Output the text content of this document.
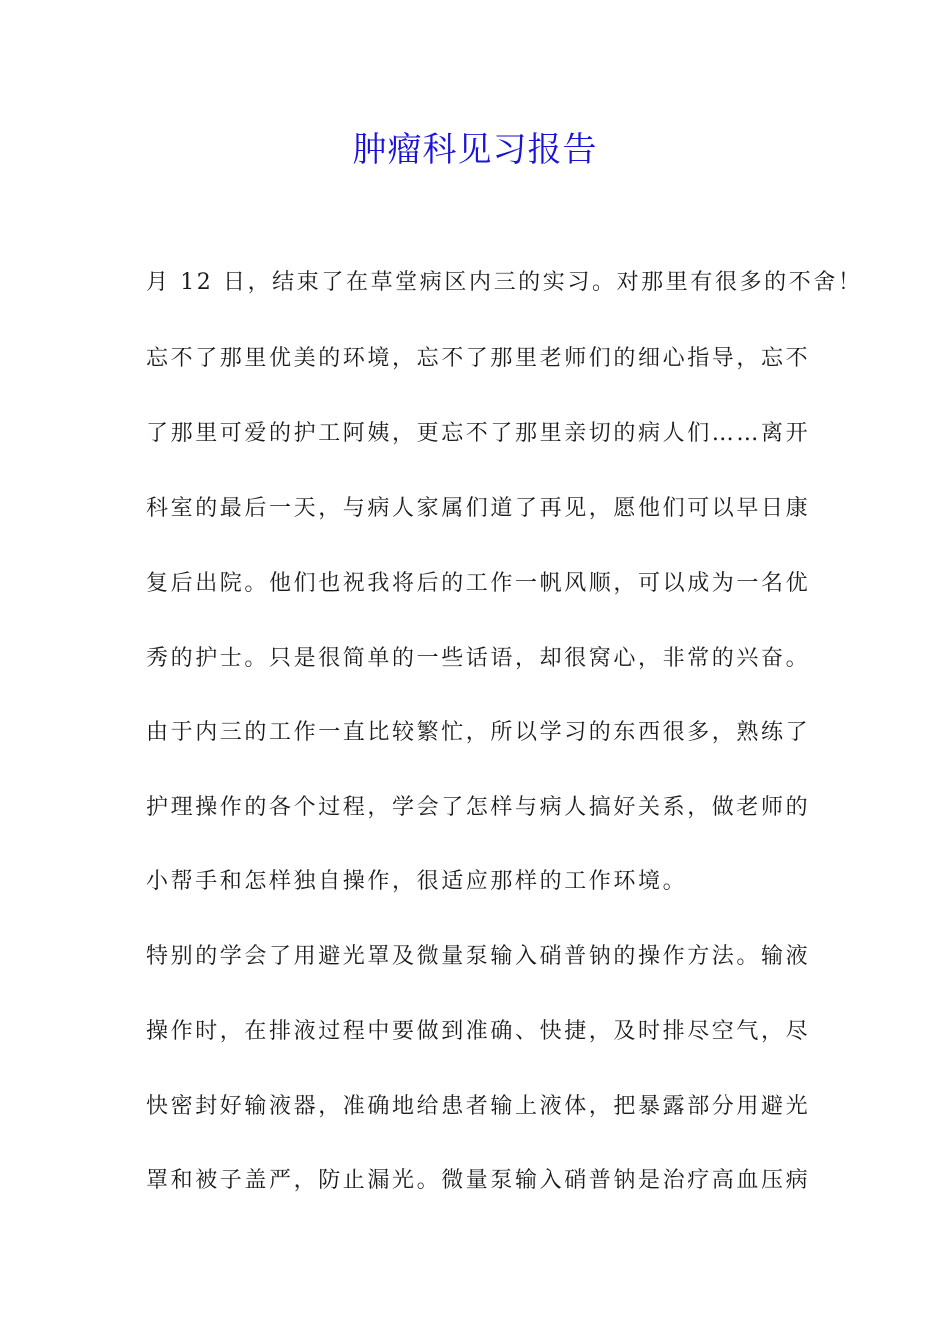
肿瘤科见习报告
月 12 日，结束了在草堂病区内三的实习。对那里有很多的不舍！
忘不了那里优美的环境，忘不了那里老师们的细心指导，忘不
了那里可爱的护工阿姨，更忘不了那里亲切的病人们……离开
科室的最后一天，与病人家属们道了再见，愿他们可以早日康
复后出院。他们也祝我将后的工作一帆风顺，可以成为一名优
秀的护士。只是很简单的一些话语，却很窝心，非常的兴奋。
由于内三的工作一直比较繁忙，所以学习的东西很多，熟练了
护理操作的各个过程，学会了怎样与病人搞好关系，做老师的
小帮手和怎样独自操作，很适应那样的工作环境。
特别的学会了用避光罩及微量泵输入硝普钠的操作方法。输液
操作时，在排液过程中要做到准确、快捷，及时排尽空气，尽
快密封好输液器，准确地给患者输上液体，把暴露部分用避光
罩和被子盖严，防止漏光。微量泵输入硝普钠是治疗高血压病
